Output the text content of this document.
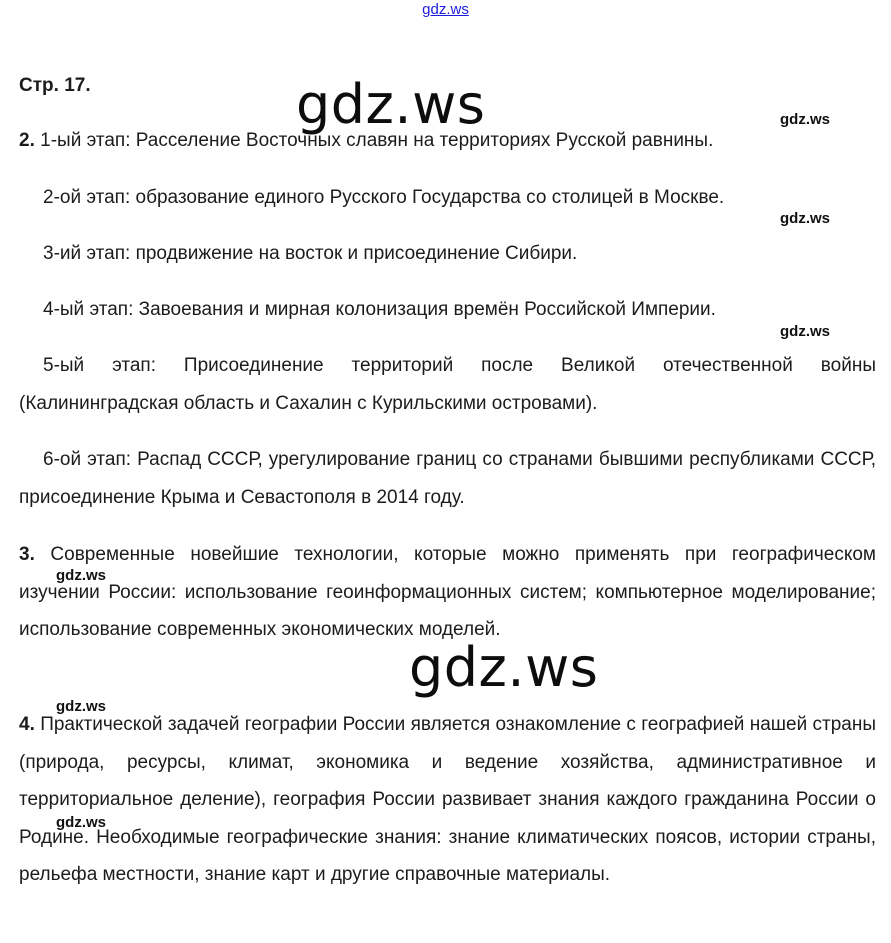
gdz.ws
Стр. 17.
2. 1-ый этап: Расселение Восточных славян на территориях Русской равнины.
2-ой этап: образование единого Русского Государства со столицей в Москве.
3-ий этап: продвижение на восток и присоединение Сибири.
4-ый этап: Завоевания и мирная колонизация времён Российской Империи.
5-ый этап: Присоединение территорий после Великой отечественной войны (Калининградская область и Сахалин с Курильскими островами).
6-ой этап: Распад СССР, урегулирование границ со странами бывшими республиками СССР, присоединение Крыма и Севастополя в 2014 году.
3. Современные новейшие технологии, которые можно применять при географическом изучении России: использование геоинформационных систем; компьютерное моделирование; использование современных экономических моделей.
4. Практической задачей географии России является ознакомление с географией нашей страны (природа, ресурсы, климат, экономика и ведение хозяйства, административное и территориальное деление), география России развивает знания каждого гражданина России о Родине. Необходимые географические знания: знание климатических поясов, истории страны, рельефа местности, знание карт и другие справочные материалы.
gdz.ws
gdz.ws
gdz.ws
gdz.ws
gdz.ws
gdz.ws
gdz.ws
gdz.ws
